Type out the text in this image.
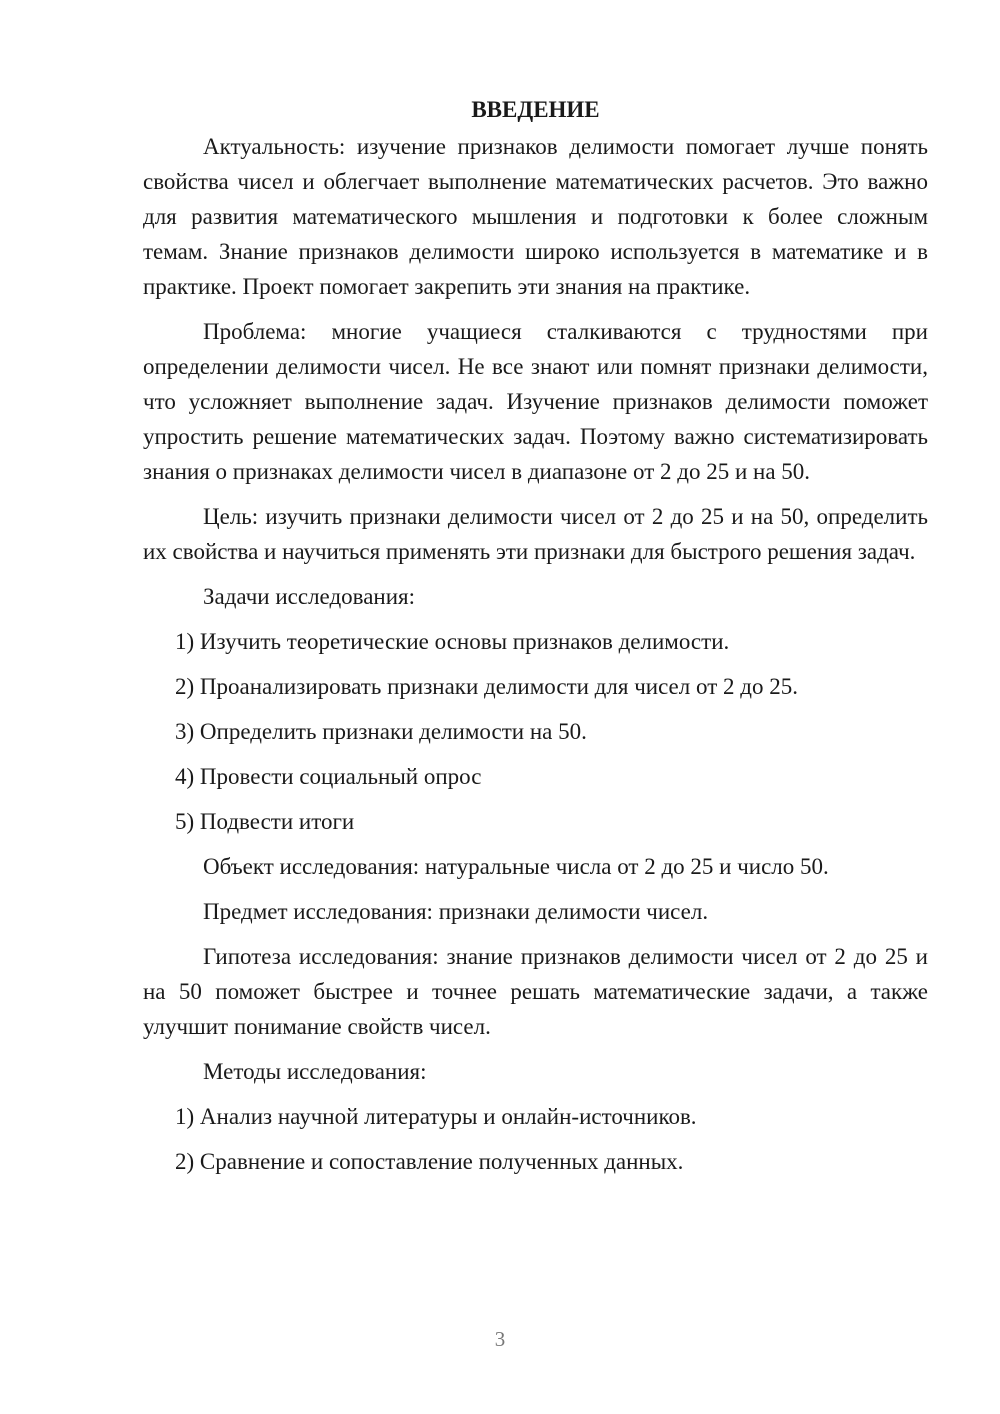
ВВЕДЕНИЕ

Актуальность: изучение признаков делимости помогает лучше понять свойства чисел и облегчает выполнение математических расчетов. Это важно для развития математического мышления и подготовки к более сложным темам. Знание признаков делимости широко используется в математике и в практике. Проект помогает закрепить эти знания на практике.

Проблема: многие учащиеся сталкиваются с трудностями при определении делимости чисел. Не все знают или помнят признаки делимости, что усложняет выполнение задач. Изучение признаков делимости поможет упростить решение математических задач. Поэтому важно систематизировать знания о признаках делимости чисел в диапазоне от 2 до 25 и на 50.

Цель: изучить признаки делимости чисел от 2 до 25 и на 50, определить их свойства и научиться применять эти признаки для быстрого решения задач.

Задачи исследования:
1) Изучить теоретические основы признаков делимости.
2) Проанализировать признаки делимости для чисел от 2 до 25.
3) Определить признаки делимости на 50.
4) Провести социальный опрос
5) Подвести итоги
Объект исследования: натуральные числа от 2 до 25 и число 50.
Предмет исследования: признаки делимости чисел.

Гипотеза исследования: знание признаков делимости чисел от 2 до 25 и на 50 поможет быстрее и точнее решать математические задачи, а также улучшит понимание свойств чисел.

Методы исследования:
1) Анализ научной литературы и онлайн-источников.
2) Сравнение и сопоставление полученных данных.
3
